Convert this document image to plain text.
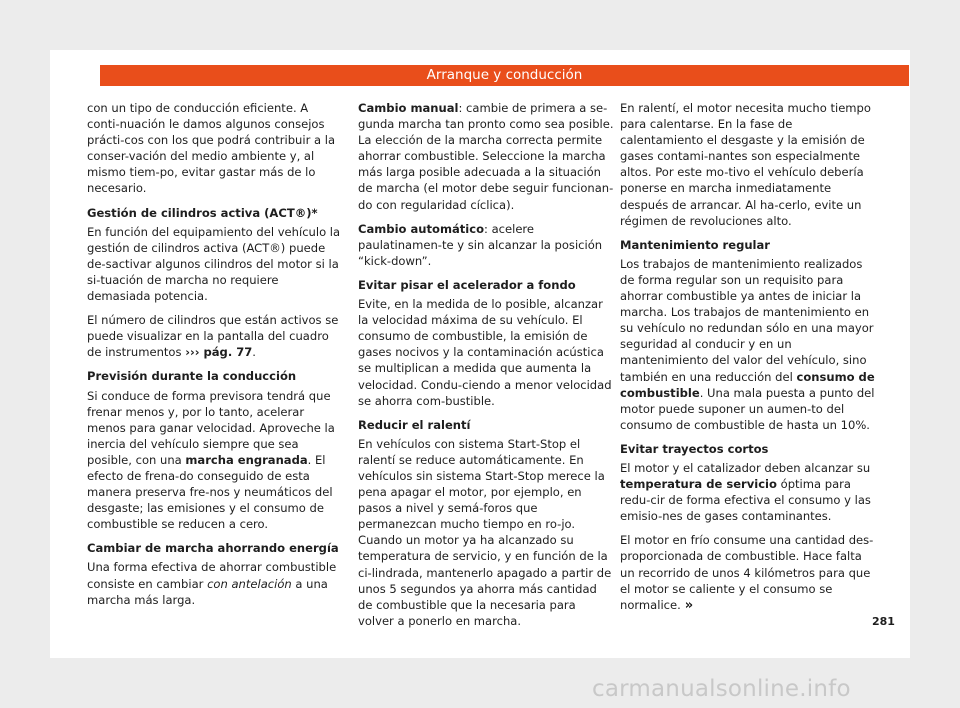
Arranque y conducción

con un tipo de conducción eficiente. A conti-nuación le damos algunos consejos prácti-cos con los que podrá contribuir a la conser-vación del medio ambiente y, al mismo tiem-po, evitar gastar más de lo necesario.

Gestión de cilindros activa (ACT®)*

En función del equipamiento del vehículo la gestión de cilindros activa (ACT®) puede de-sactivar algunos cilindros del motor si la si-tuación de marcha no requiere demasiada potencia.

El número de cilindros que están activos se puede visualizar en la pantalla del cuadro de instrumentos ››› pág. 77.

Previsión durante la conducción

Si conduce de forma previsora tendrá que frenar menos y, por lo tanto, acelerar menos para ganar velocidad. Aproveche la inercia del vehículo siempre que sea posible, con una marcha engranada. El efecto de frena-do conseguido de esta manera preserva fre-nos y neumáticos del desgaste; las emisiones y el consumo de combustible se reducen a cero.

Cambiar de marcha ahorrando energía

Una forma efectiva de ahorrar combustible consiste en cambiar con antelación a una marcha más larga.

Cambio manual: cambie de primera a se-gunda marcha tan pronto como sea posible. La elección de la marcha correcta permite ahorrar combustible. Seleccione la marcha más larga posible adecuada a la situación de marcha (el motor debe seguir funcionan-do con regularidad cíclica).

Cambio automático: acelere paulatinamen-te y sin alcanzar la posición “kick-down”.

Evitar pisar el acelerador a fondo

Evite, en la medida de lo posible, alcanzar la velocidad máxima de su vehículo. El consumo de combustible, la emisión de gases nocivos y la contaminación acústica se multiplican a medida que aumenta la velocidad. Condu-ciendo a menor velocidad se ahorra com-bustible.

Reducir el ralentí

En vehículos con sistema Start-Stop el ralentí se reduce automáticamente. En vehículos sin sistema Start-Stop merece la pena apagar el motor, por ejemplo, en pasos a nivel y semá-foros que permanezcan mucho tiempo en ro-jo. Cuando un motor ya ha alcanzado su temperatura de servicio, y en función de la ci-lindrada, mantenerlo apagado a partir de unos 5 segundos ya ahorra más cantidad de combustible que la necesaria para volver a ponerlo en marcha.

En ralentí, el motor necesita mucho tiempo para calentarse. En la fase de calentamiento el desgaste y la emisión de gases contami-nantes son especialmente altos. Por este mo-tivo el vehículo debería ponerse en marcha inmediatamente después de arrancar. Al ha-cerlo, evite un régimen de revoluciones alto.

Mantenimiento regular

Los trabajos de mantenimiento realizados de forma regular son un requisito para ahorrar combustible ya antes de iniciar la marcha. Los trabajos de mantenimiento en su vehículo no redundan sólo en una mayor seguridad al conducir y en un mantenimiento del valor del vehículo, sino también en una reducción del consumo de combustible. Una mala puesta a punto del motor puede suponer un aumen-to del consumo de combustible de hasta un 10%.

Evitar trayectos cortos

El motor y el catalizador deben alcanzar su temperatura de servicio óptima para redu-cir de forma efectiva el consumo y las emisio-nes de gases contaminantes.

El motor en frío consume una cantidad des-proporcionada de combustible. Hace falta un recorrido de unos 4 kilómetros para que el motor se caliente y el consumo se normalice. »

281
carmanualsonline.info
